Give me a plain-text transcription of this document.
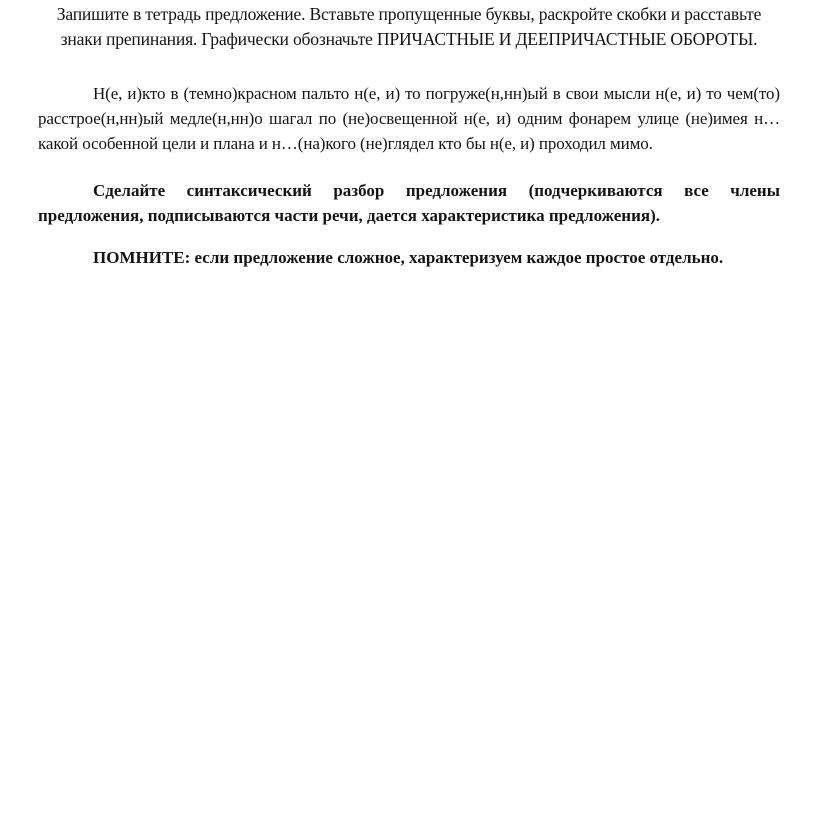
Запишите в тетрадь предложение. Вставьте пропущенные буквы, раскройте скобки и расставьте знаки препинания. Графически обозначьте ПРИЧАСТНЫЕ И ДЕЕПРИЧАСТНЫЕ ОБОРОТЫ.

Н(е, и)кто в (темно)красном пальто н(е, и) то погруже(н,нн)ый в свои мысли н(е, и) то чем(то) расстрое(н,нн)ый медле(н,нн)о шагал по (не)освещенной н(е, и) одним фонарем улице (не)имея н…какой особенной цели и плана и н…(на)кого (не)глядел кто бы н(е, и) проходил мимо.

Сделайте синтаксический разбор предложения (подчеркиваются все члены предложения, подписываются части речи, дается характеристика предложения).

ПОМНИТЕ: если предложение сложное, характеризуем каждое простое отдельно.
